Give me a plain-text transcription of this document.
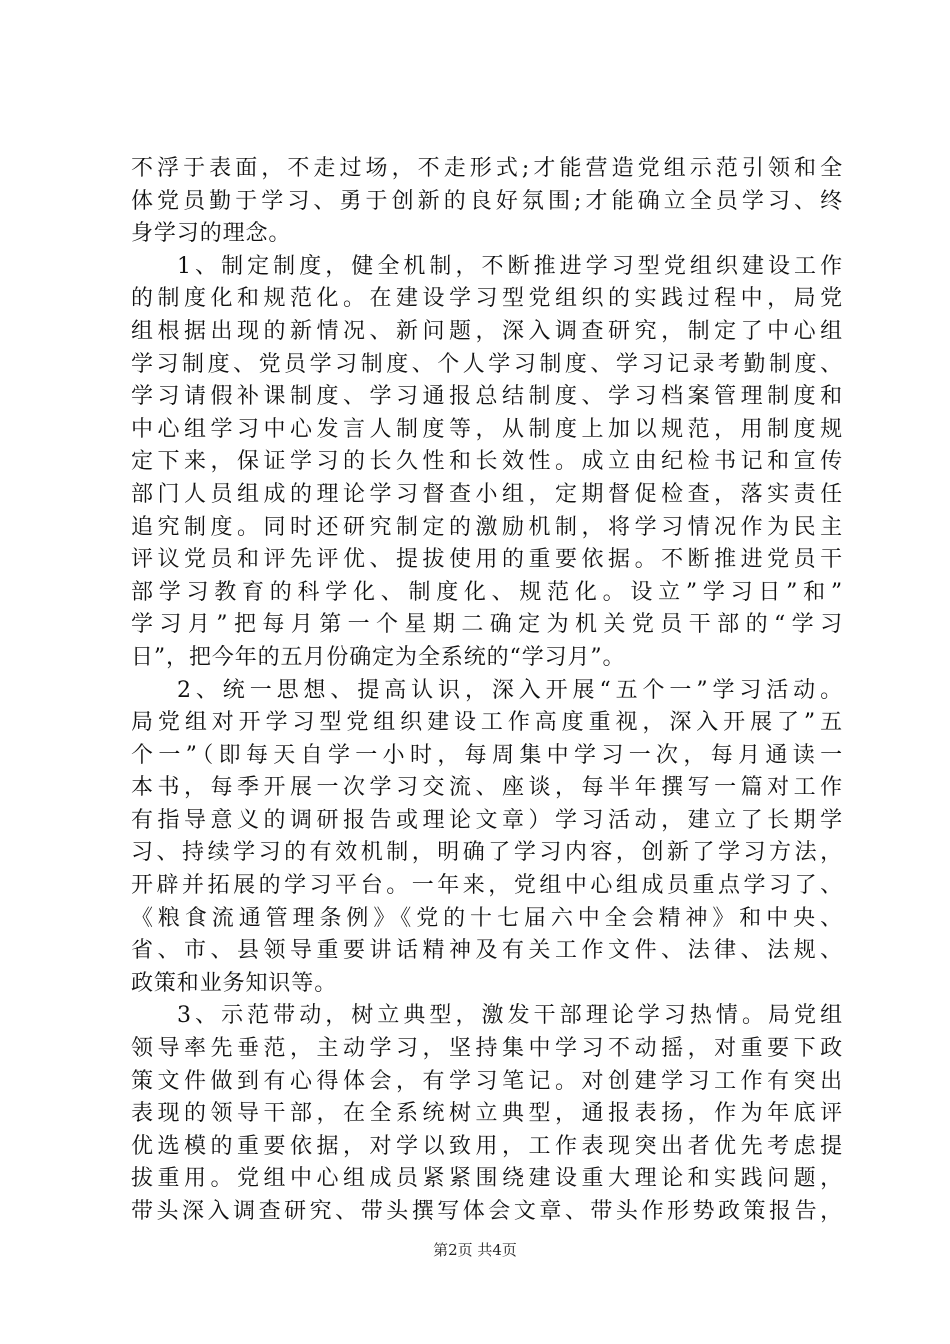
不浮于表面，不走过场，不走形式;才能营造党组示范引领和全
体党员勤于学习、勇于创新的良好氛围;才能确立全员学习、终
身学习的理念。
1、制定制度，健全机制，不断推进学习型党组织建设工作
的制度化和规范化。在建设学习型党组织的实践过程中，局党
组根据出现的新情况、新问题，深入调查研究，制定了中心组
学习制度、党员学习制度、个人学习制度、学习记录考勤制度、
学习请假补课制度、学习通报总结制度、学习档案管理制度和
中心组学习中心发言人制度等，从制度上加以规范，用制度规
定下来，保证学习的长久性和长效性。成立由纪检书记和宣传
部门人员组成的理论学习督查小组，定期督促检查，落实责任
追究制度。同时还研究制定的激励机制，将学习情况作为民主
评议党员和评先评优、提拔使用的重要依据。不断推进党员干
部学习教育的科学化、制度化、规范化。设立”学习日”和”
学习月”把每月第一个星期二确定为机关党员干部的“学习
日”，把今年的五月份确定为全系统的“学习月”。
2、统一思想、提高认识，深入开展“五个一”学习活动。
局党组对开学习型党组织建设工作高度重视，深入开展了”五
个一”（即每天自学一小时，每周集中学习一次，每月通读一
本书，每季开展一次学习交流、座谈，每半年撰写一篇对工作
有指导意义的调研报告或理论文章）学习活动，建立了长期学
习、持续学习的有效机制，明确了学习内容，创新了学习方法，
开辟并拓展的学习平台。一年来，党组中心组成员重点学习了、
《粮食流通管理条例》《党的十七届六中全会精神》和中央、
省、市、县领导重要讲话精神及有关工作文件、法律、法规、
政策和业务知识等。
3、示范带动，树立典型，激发干部理论学习热情。局党组
领导率先垂范，主动学习，坚持集中学习不动摇，对重要下政
策文件做到有心得体会，有学习笔记。对创建学习工作有突出
表现的领导干部，在全系统树立典型，通报表扬，作为年底评
优选模的重要依据，对学以致用，工作表现突出者优先考虑提
拔重用。党组中心组成员紧紧围绕建设重大理论和实践问题，
带头深入调查研究、带头撰写体会文章、带头作形势政策报告，
第2页 共4页
